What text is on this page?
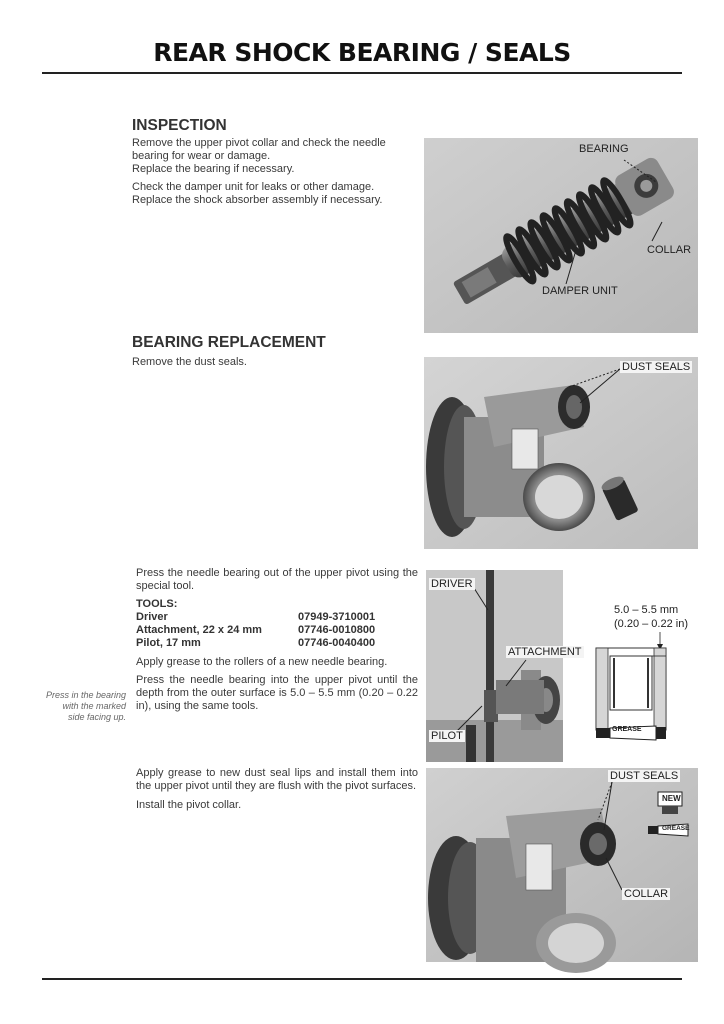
REAR SHOCK BEARING / SEALS
INSPECTION

Remove the upper pivot collar and check the needle
bearing for wear or damage.
Replace the bearing if necessary.

Check the damper unit for leaks or other damage.
Replace the shock absorber assembly if necessary.

BEARING
COLLAR
DAMPER UNIT
BEARING REPLACEMENT

Remove the dust seals.	DUST SEALS

Press the needle bearing out of the upper pivot using the special tool.

TOOLS:
Driver	07949-3710001
Attachment, 22 x 24 mm	07746-0010800
Pilot, 17 mm	07746-0040400

Apply grease to the rollers of a new needle bearing.

Press the needle bearing into the upper pivot until the depth from the outer surface is 5.0 – 5.5 mm (0.20 – 0.22 in), using the same tools.

Press in the bearing
with the marked
side facing up.
DRIVER
ATTACHMENT
PILOT
5.0 – 5.5 mm
(0.20 – 0.22 in)
GREASE

Apply grease to new dust seal lips and install them into the upper pivot until they are flush with the pivot surfaces.

Install the pivot collar.

DUST SEALS
COLLAR
NEW
GREASE
